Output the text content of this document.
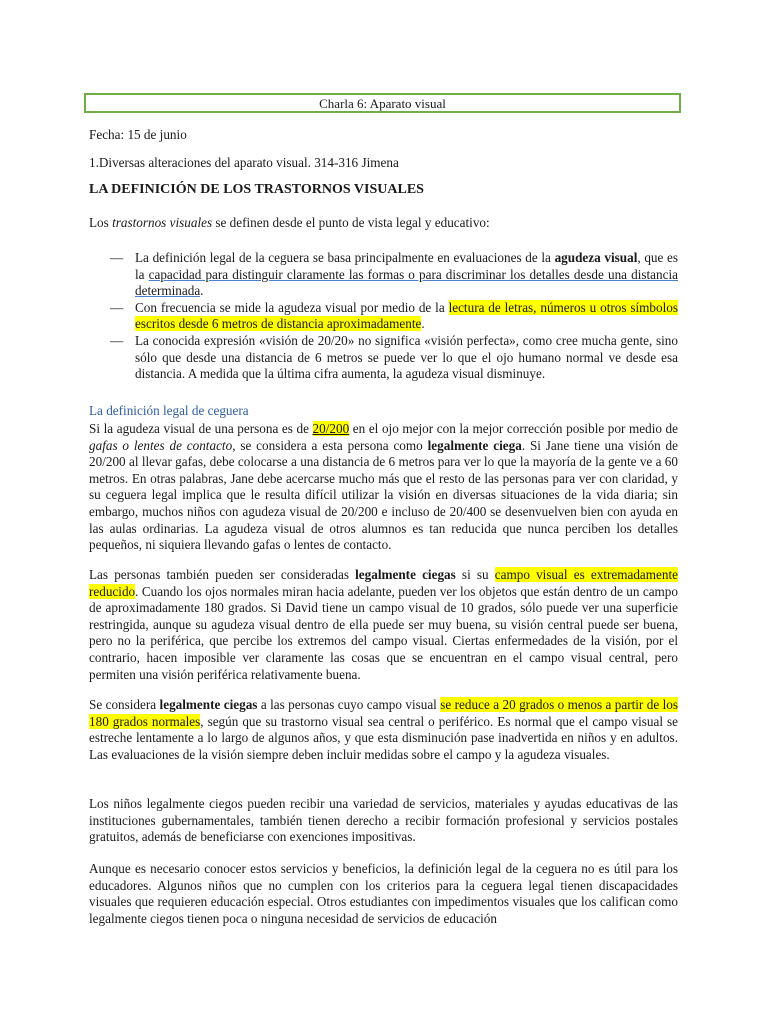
Charla 6: Aparato visual

Fecha: 15 de junio

1.Diversas alteraciones del aparato visual. 314-316 Jimena

LA DEFINICIÓN DE LOS TRASTORNOS VISUALES

Los trastornos visuales se definen desde el punto de vista legal y educativo:

— La definición legal de la ceguera se basa principalmente en evaluaciones de la agudeza visual, que es la capacidad para distinguir claramente las formas o para discriminar los detalles desde una distancia determinada.
— Con frecuencia se mide la agudeza visual por medio de la lectura de letras, números u otros símbolos escritos desde 6 metros de distancia aproximadamente.
— La conocida expresión «visión de 20/20» no significa «visión perfecta», como cree mucha gente, sino sólo que desde una distancia de 6 metros se puede ver lo que el ojo humano normal ve desde esa distancia. A medida que la última cifra aumenta, la agudeza visual disminuye.

La definición legal de ceguera

Si la agudeza visual de una persona es de 20/200 en el ojo mejor con la mejor corrección posible por medio de gafas o lentes de contacto, se considera a esta persona como legalmente ciega. Si Jane tiene una visión de 20/200 al llevar gafas, debe colocarse a una distancia de 6 metros para ver lo que la mayoría de la gente ve a 60 metros. En otras palabras, Jane debe acercarse mucho más que el resto de las personas para ver con claridad, y su ceguera legal implica que le resulta difícil utilizar la visión en diversas situaciones de la vida diaria; sin embargo, muchos niños con agudeza visual de 20/200 e incluso de 20/400 se desenvuelven bien con ayuda en las aulas ordinarias. La agudeza visual de otros alumnos es tan reducida que nunca perciben los detalles pequeños, ni siquiera llevando gafas o lentes de contacto.

Las personas también pueden ser consideradas legalmente ciegas si su campo visual es extremadamente reducido. Cuando los ojos normales miran hacia adelante, pueden ver los objetos que están dentro de un campo de aproximadamente 180 grados. Si David tiene un campo visual de 10 grados, sólo puede ver una superficie restringida, aunque su agudeza visual dentro de ella puede ser muy buena, su visión central puede ser buena, pero no la periférica, que percibe los extremos del campo visual. Ciertas enfermedades de la visión, por el contrario, hacen imposible ver claramente las cosas que se encuentran en el campo visual central, pero permiten una visión periférica relativamente buena.

Se considera legalmente ciegas a las personas cuyo campo visual se reduce a 20 grados o menos a partir de los 180 grados normales, según que su trastorno visual sea central o periférico. Es normal que el campo visual se estreche lentamente a lo largo de algunos años, y que esta disminución pase inadvertida en niños y en adultos. Las evaluaciones de la visión siempre deben incluir medidas sobre el campo y la agudeza visuales.

Los niños legalmente ciegos pueden recibir una variedad de servicios, materiales y ayudas educativas de las instituciones gubernamentales, también tienen derecho a recibir formación profesional y servicios postales gratuitos, además de beneficiarse con exenciones impositivas.

Aunque es necesario conocer estos servicios y beneficios, la definición legal de la ceguera no es útil para los educadores. Algunos niños que no cumplen con los criterios para la ceguera legal tienen discapacidades visuales que requieren educación especial. Otros estudiantes con impedimentos visuales que los califican como legalmente ciegos tienen poca o ninguna necesidad de servicios de educación
